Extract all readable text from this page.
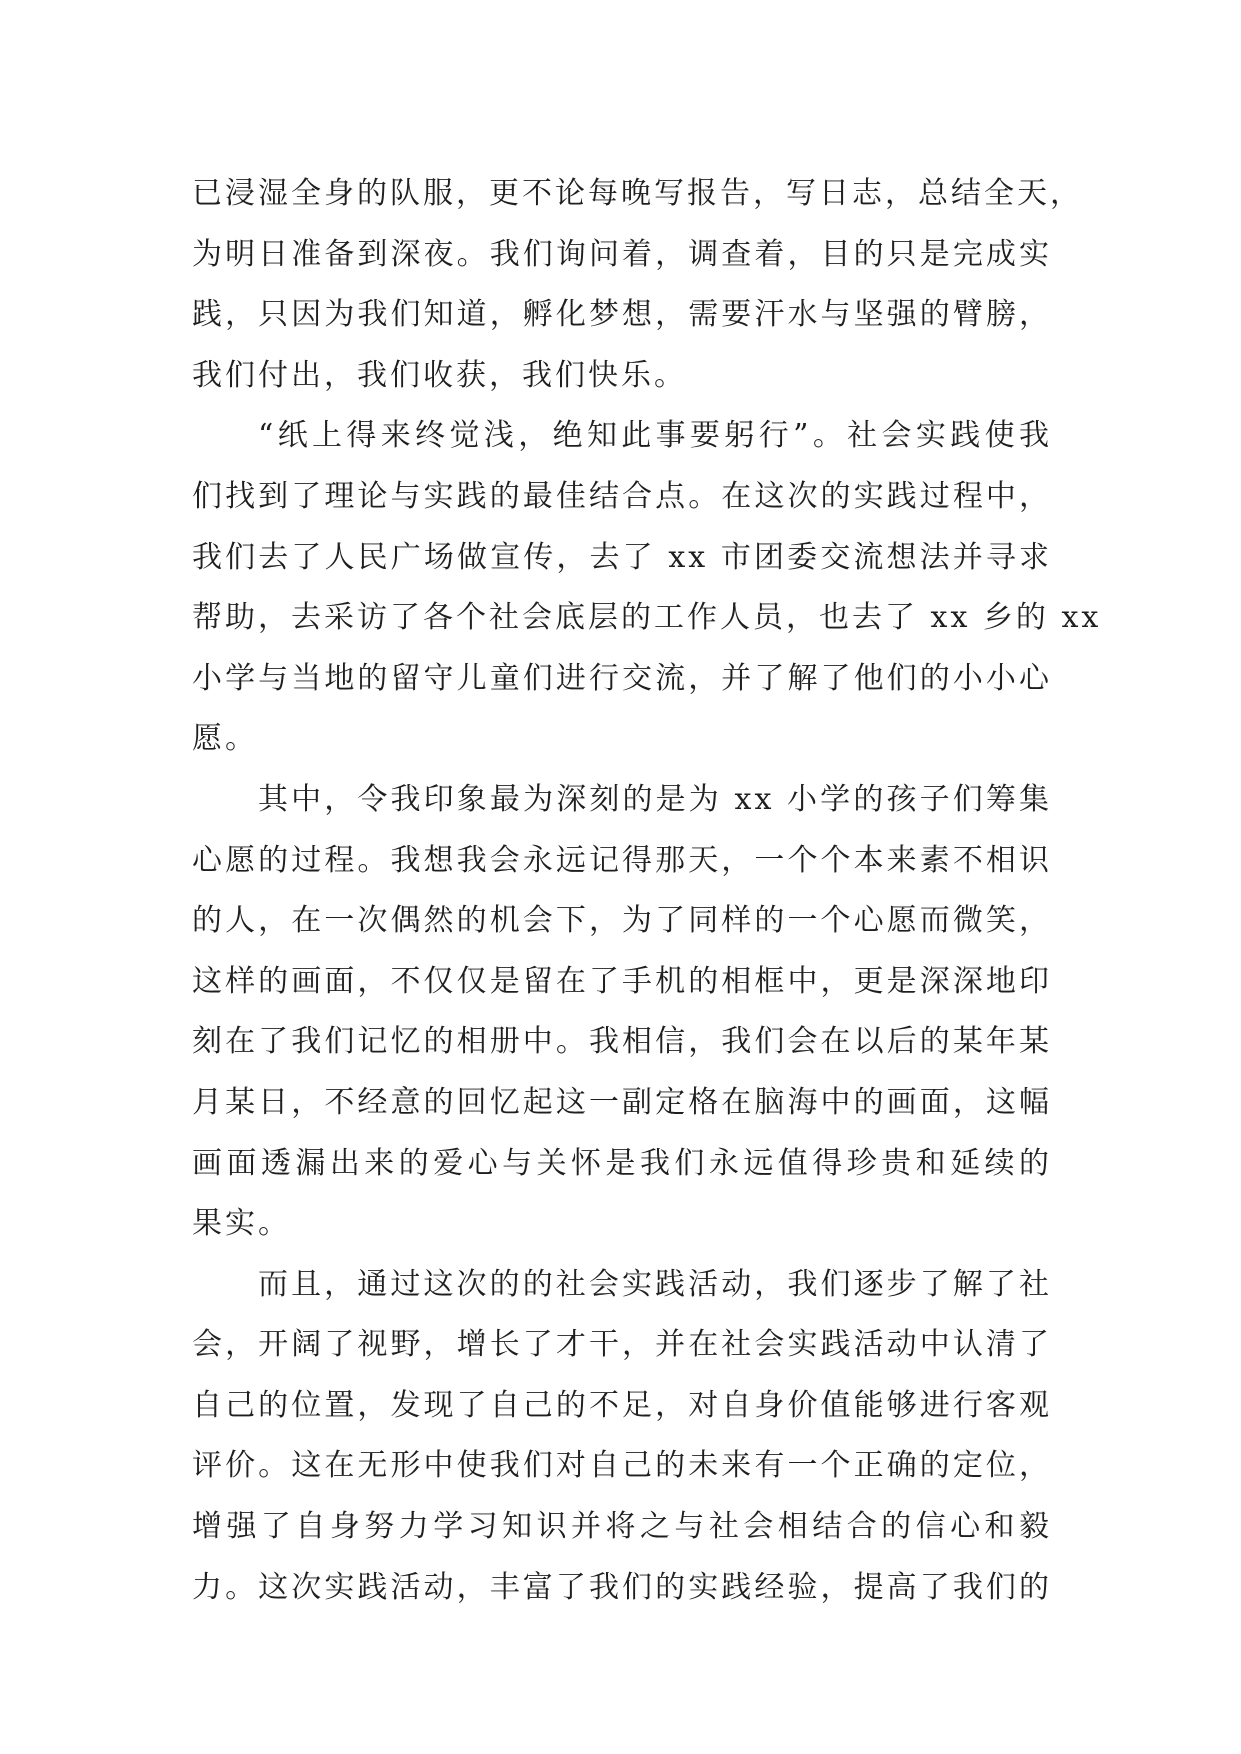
已浸湿全身的队服，更不论每晚写报告，写日志，总结全天，
为明日准备到深夜。我们询问着，调查着，目的只是完成实
践，只因为我们知道，孵化梦想，需要汗水与坚强的臂膀，
我们付出，我们收获，我们快乐。
“纸上得来终觉浅，绝知此事要躬行”。社会实践使我
们找到了理论与实践的最佳结合点。在这次的实践过程中，
我们去了人民广场做宣传，去了 xx 市团委交流想法并寻求
帮助，去采访了各个社会底层的工作人员，也去了 xx 乡的 xx
小学与当地的留守儿童们进行交流，并了解了他们的小小心
愿。
其中，令我印象最为深刻的是为 xx 小学的孩子们筹集
心愿的过程。我想我会永远记得那天，一个个本来素不相识
的人，在一次偶然的机会下，为了同样的一个心愿而微笑，
这样的画面，不仅仅是留在了手机的相框中，更是深深地印
刻在了我们记忆的相册中。我相信，我们会在以后的某年某
月某日，不经意的回忆起这一副定格在脑海中的画面，这幅
画面透漏出来的爱心与关怀是我们永远值得珍贵和延续的
果实。
而且，通过这次的的社会实践活动，我们逐步了解了社
会，开阔了视野，增长了才干，并在社会实践活动中认清了
自己的位置，发现了自己的不足，对自身价值能够进行客观
评价。这在无形中使我们对自己的未来有一个正确的定位，
增强了自身努力学习知识并将之与社会相结合的信心和毅
力。这次实践活动，丰富了我们的实践经验，提高了我们的
